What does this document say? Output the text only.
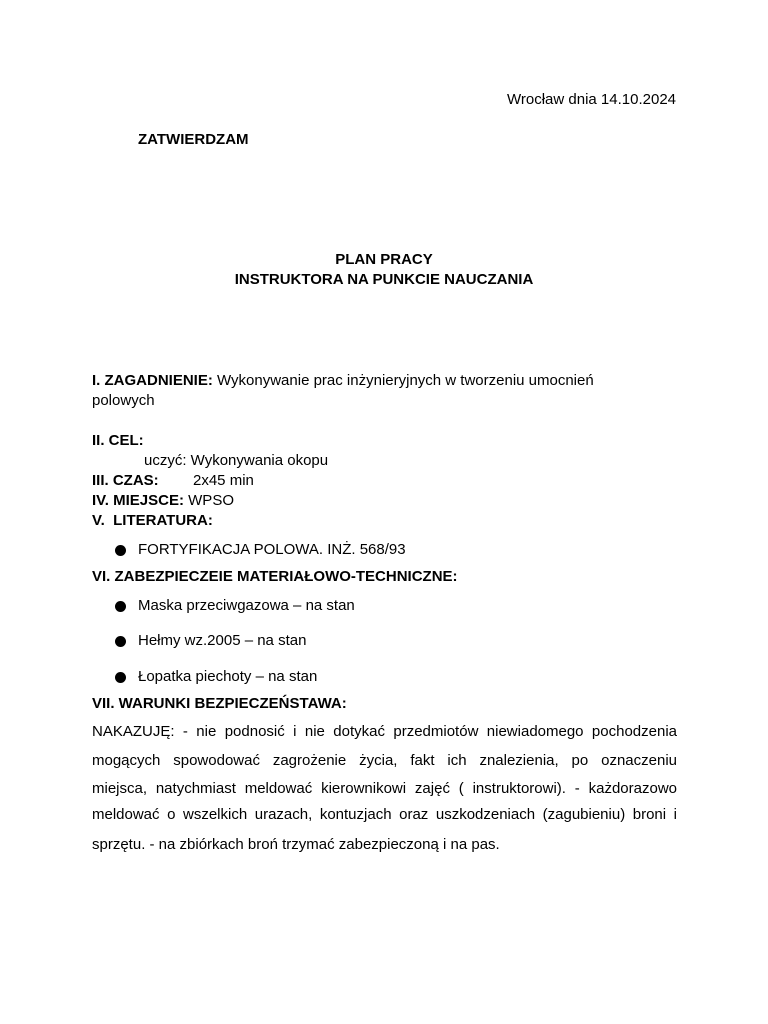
Wrocław dnia 14.10.2024
ZATWIERDZAM
PLAN PRACY
INSTRUKTORA NA PUNKCIE NAUCZANIA
I. ZAGADNIENIE: Wykonywanie prac inżynieryjnych w tworzeniu umocnień
polowych
II. CEL:
uczyć: Wykonywania okopu
III. CZAS: 2x45 min
IV. MIEJSCE: WPSO
V.  LITERATURA:
FORTYFIKACJA POLOWA. INŻ. 568/93
VI. ZABEZPIECZEIE MATERIAŁOWO-TECHNICZNE:
Maska przeciwgazowa – na stan
Hełmy wz.2005 – na stan
Łopatka piechoty – na stan
VII. WARUNKI BEZPIECZEŃSTAWA:
NAKAZUJĘ: - nie podnosić i nie dotykać przedmiotów niewiadomego pochodzenia
mogących spowodować zagrożenie życia, fakt ich znalezienia, po oznaczeniu
miejsca, natychmiast meldować kierownikowi zajęć ( instruktorowi). - każdorazowo
meldować o wszelkich urazach, kontuzjach oraz uszkodzeniach (zagubieniu) broni i
sprzętu. - na zbiórkach broń trzymać zabezpieczoną i na pas.
